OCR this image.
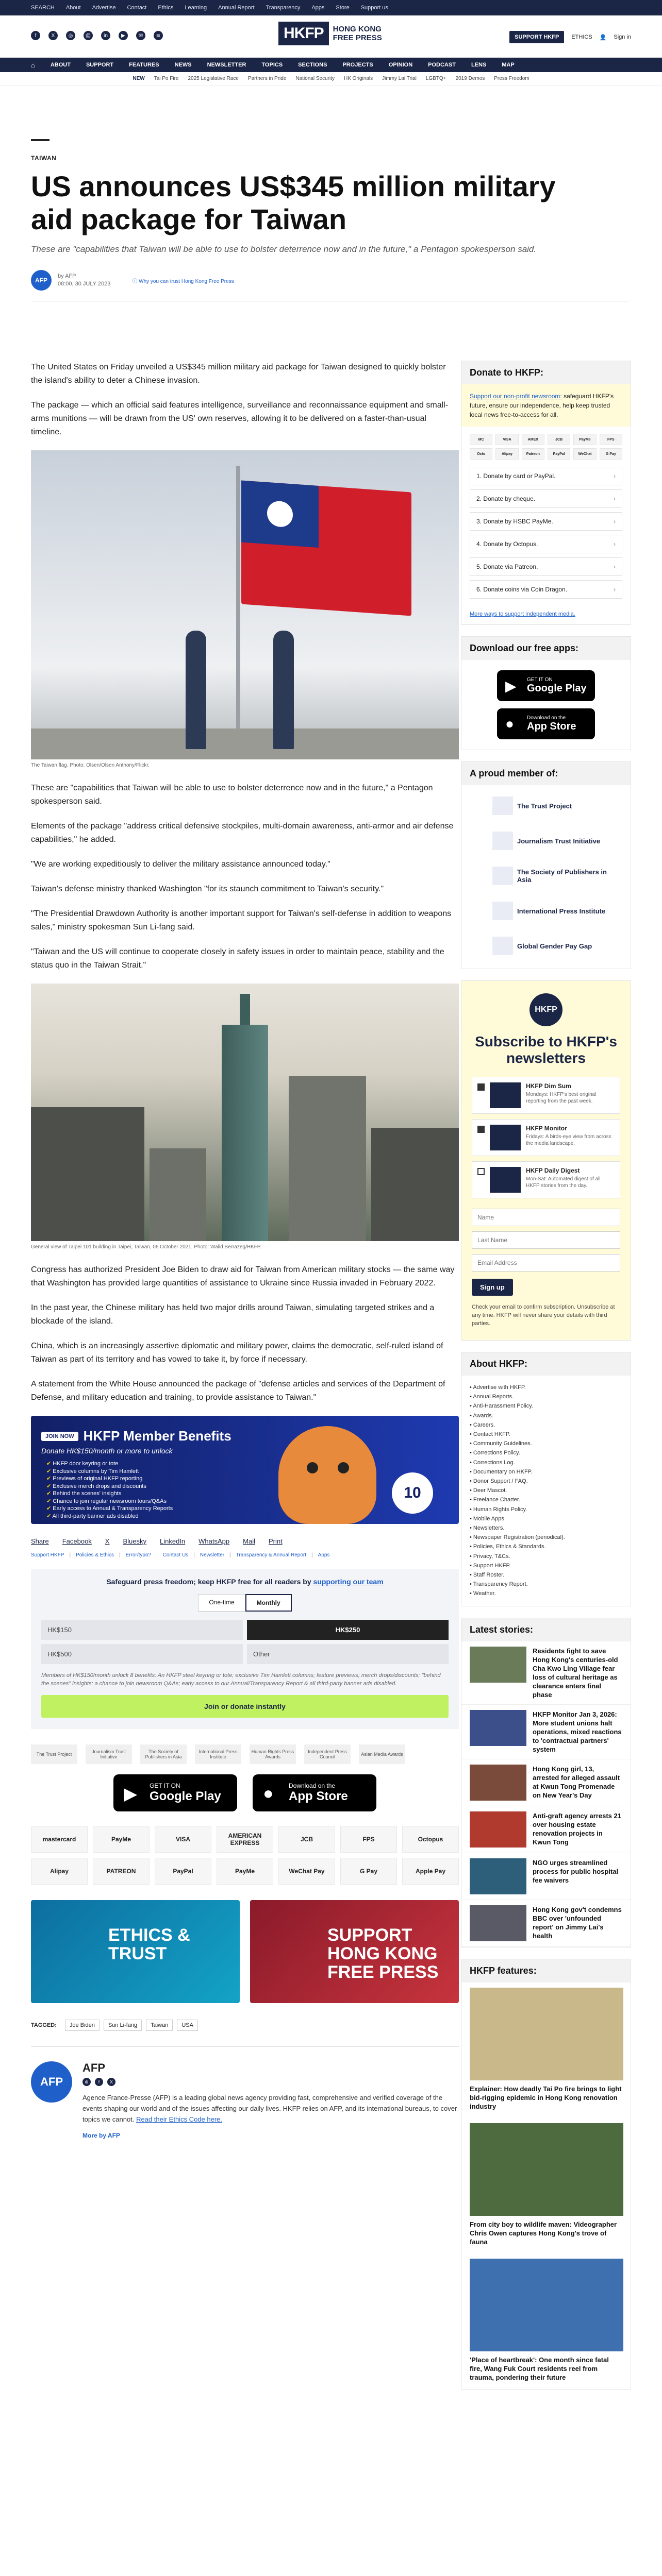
SEARCH About Advertise Contact Ethics Learning Annual Report Transparency Apps Store Support us
f	X	◎	@	in	▶	✉	≋	HKFP	HONG KONG
FREE PRESS	SUPPORT HKFP	ETHICS 👤 Sign in
⌂	ABOUT	SUPPORT	FEATURES	NEWS	NEWSLETTER	TOPICS	SECTIONS	PROJECTS	OPINION	PODCAST	LENS	MAP
NEW Tai Po Fire 2025 Legislative Race Partners in Pride National Security HK Originals Jimmy Lai Trial LGBTQ+ 2019 Demos Press Freedom
TAIWAN
US announces US$345 million military aid package for Taiwan
These are "capabilities that Taiwan will be able to use to bolster deterrence now and in the future," a Pentagon spokesperson said.
AFP
by AFP
08:00, 30 JULY 2023	ⓘ Why you can trust Hong Kong Free Press

The United States on Friday unveiled a US$345 million military aid package for Taiwan designed to quickly bolster the island's ability to deter a Chinese invasion.

The package — which an official said features intelligence, surveillance and reconnaissance equipment and small-arms munitions — will be drawn from the US' own reserves, allowing it to be delivered on a faster-than-usual timeline.

The Taiwan flag. Photo: Olsen/Olsen Anthony/Flickr.

These are "capabilities that Taiwan will be able to use to bolster deterrence now and in the future," a Pentagon spokesperson said.

Elements of the package "address critical defensive stockpiles, multi-domain awareness, anti-armor and air defense capabilities," he added.

"We are working expeditiously to deliver the military assistance announced today."

Taiwan's defense ministry thanked Washington "for its staunch commitment to Taiwan's security."

"The Presidential Drawdown Authority is another important support for Taiwan's self-defense in addition to weapons sales," ministry spokesman Sun Li-fang said.

"Taiwan and the US will continue to cooperate closely in safety issues in order to maintain peace, stability and the status quo in the Taiwan Strait."

General view of Taipei 101 building in Taipei, Taiwan, 06 October 2021. Photo: Walid Berrazeg/HKFP.

Congress has authorized President Joe Biden to draw aid for Taiwan from American military stocks — the same way that Washington has provided large quantities of assistance to Ukraine since Russia invaded in February 2022.

In the past year, the Chinese military has held two major drills around Taiwan, simulating targeted strikes and a blockade of the island.

China, which is an increasingly assertive diplomatic and military power, claims the democratic, self-ruled island of Taiwan as part of its territory and has vowed to take it, by force if necessary.

A statement from the White House announced the package of "defense articles and services of the Department of Defense, and military education and training, to provide assistance to Taiwan."

JOIN NOW HKFP Member Benefits
Donate HK$150/month or more to unlock
✔ HKFP door keyring or tote
✔ Exclusive columns by Tim Hamlett
✔ Previews of original HKFP reporting
✔ Exclusive merch drops and discounts
✔ Behind the scenes' insights
✔ Chance to join regular newsroom tours/Q&As
✔ Early access to Annual & Transparency Reports
✔ All third-party banner ads disabled
10
Share Facebook X Bluesky LinkedIn WhatsApp Mail Print
Support HKFP | Policies & Ethics | Error/typo? | Contact Us | Newsletter | Transparency & Annual Report | Apps
Safeguard press freedom; keep HKFP free for all readers by supporting our team
One-time	Monthly
HK$150	HK$250
HK$500	Other
Members of HK$150/month unlock 8 benefits: An HKFP steel keyring or tote; exclusive Tim Hamlett columns; feature previews; merch drops/discounts; "behind the scenes" insights; a chance to join newsroom Q&As; early access to our Annual/Transparency Report & all third-party banner ads disabled.
Join or donate instantly
The Trust Project	Journalism Trust Initiative
The Society of Publishers in Asia
International Press Institute
Human Rights Press Awards
Independent Press Council	Asian Media Awards
▶ GET IT ON
Google Play	● Download on the
App Store
mastercard	PayMe	VISA	AMERICAN EXPRESS	JCB	FPS	Octopus
Alipay	PATREON	PayPal	PayMe	WeChat Pay	G Pay	Apple Pay
ETHICS & TRUST
SUPPORT HONG KONG FREE PRESS
TAGGED:	Joe Biden	Sun Li-fang	Taiwan	USA
AFP
AFP
⊕	f	X
Agence France-Presse (AFP) is a leading global news agency providing fast, comprehensive and verified coverage of the events shaping our world and of the issues affecting our daily lives. HKFP relies on AFP, and its international bureaus, to cover topics we cannot. Read their Ethics Code here.
More by AFP
Donate to HKFP:
Support our non-profit newsroom: safeguard HKFP's future, ensure our independence, help keep trusted local news free-to-access for all.
MC	VISA	AMEX	JCB	PayMe	FPS
Octo	Alipay	Patreon	PayPal	WeChat	G Pay
1. Donate by card or PayPal.	›
2. Donate by cheque.	›
3. Donate by HSBC PayMe.	›
4. Donate by Octopus.	›
5. Donate via Patreon.	›
6. Donate coins via Coin Dragon.	›
More ways to support independent media.
Download our free apps:
▶ GET IT ON
Google Play
●	Download on the
App Store
A proud member of:
The Trust Project
Journalism Trust Initiative
The Society of Publishers in Asia
International Press Institute
Global Gender Pay Gap
HKFP
Subscribe to HKFP's newsletters
HKFP Dim Sum
Mondays: HKFP's best original reporting from the past week.
HKFP Monitor
Fridays: A birds-eye view from across the media landscape.
HKFP Daily Digest
Mon-Sat: Automated digest of all HKFP stories from the day.
NameLast NameEmail Address
Sign up
Check your email to confirm subscription. Unsubscribe at any time. HKFP will never share your details with third parties.
About HKFP:
• Advertise with HKFP.
• Annual Reports.
• Anti-Harassment Policy.
• Awards.
• Careers.
• Contact HKFP.
• Community Guidelines.
• Corrections Policy.
• Corrections Log.
• Documentary on HKFP.
• Donor Support / FAQ.
• Deer Mascot.
• Freelance Charter.
• Human Rights Policy.
• Mobile Apps.
• Newsletters.
• Newspaper Registration (periodical).
• Policies, Ethics & Standards.
• Privacy, T&Cs.
• Support HKFP.
• Staff Roster.
• Transparency Report.
• Weather.
Latest stories:
Residents fight to save Hong Kong's centuries-old Cha Kwo Ling Village fear loss of cultural heritage as clearance enters final phase
HKFP Monitor Jan 3, 2026: More student unions halt operations, mixed reactions to 'contractual partners' system
Hong Kong girl, 13, arrested for alleged assault at Kwun Tong Promenade on New Year's Day
Anti-graft agency arrests 21 over housing estate renovation projects in Kwun Tong
NGO urges streamlined process for public hospital fee waivers
Hong Kong gov't condemns BBC over 'unfounded report' on Jimmy Lai's health
HKFP features:
Explainer: How deadly Tai Po fire brings to light bid-rigging epidemic in Hong Kong renovation industry
From city boy to wildlife maven: Videographer Chris Owen captures Hong Kong's trove of fauna
'Place of heartbreak': One month since fatal fire, Wang Fuk Court residents reel from trauma, pondering their future
